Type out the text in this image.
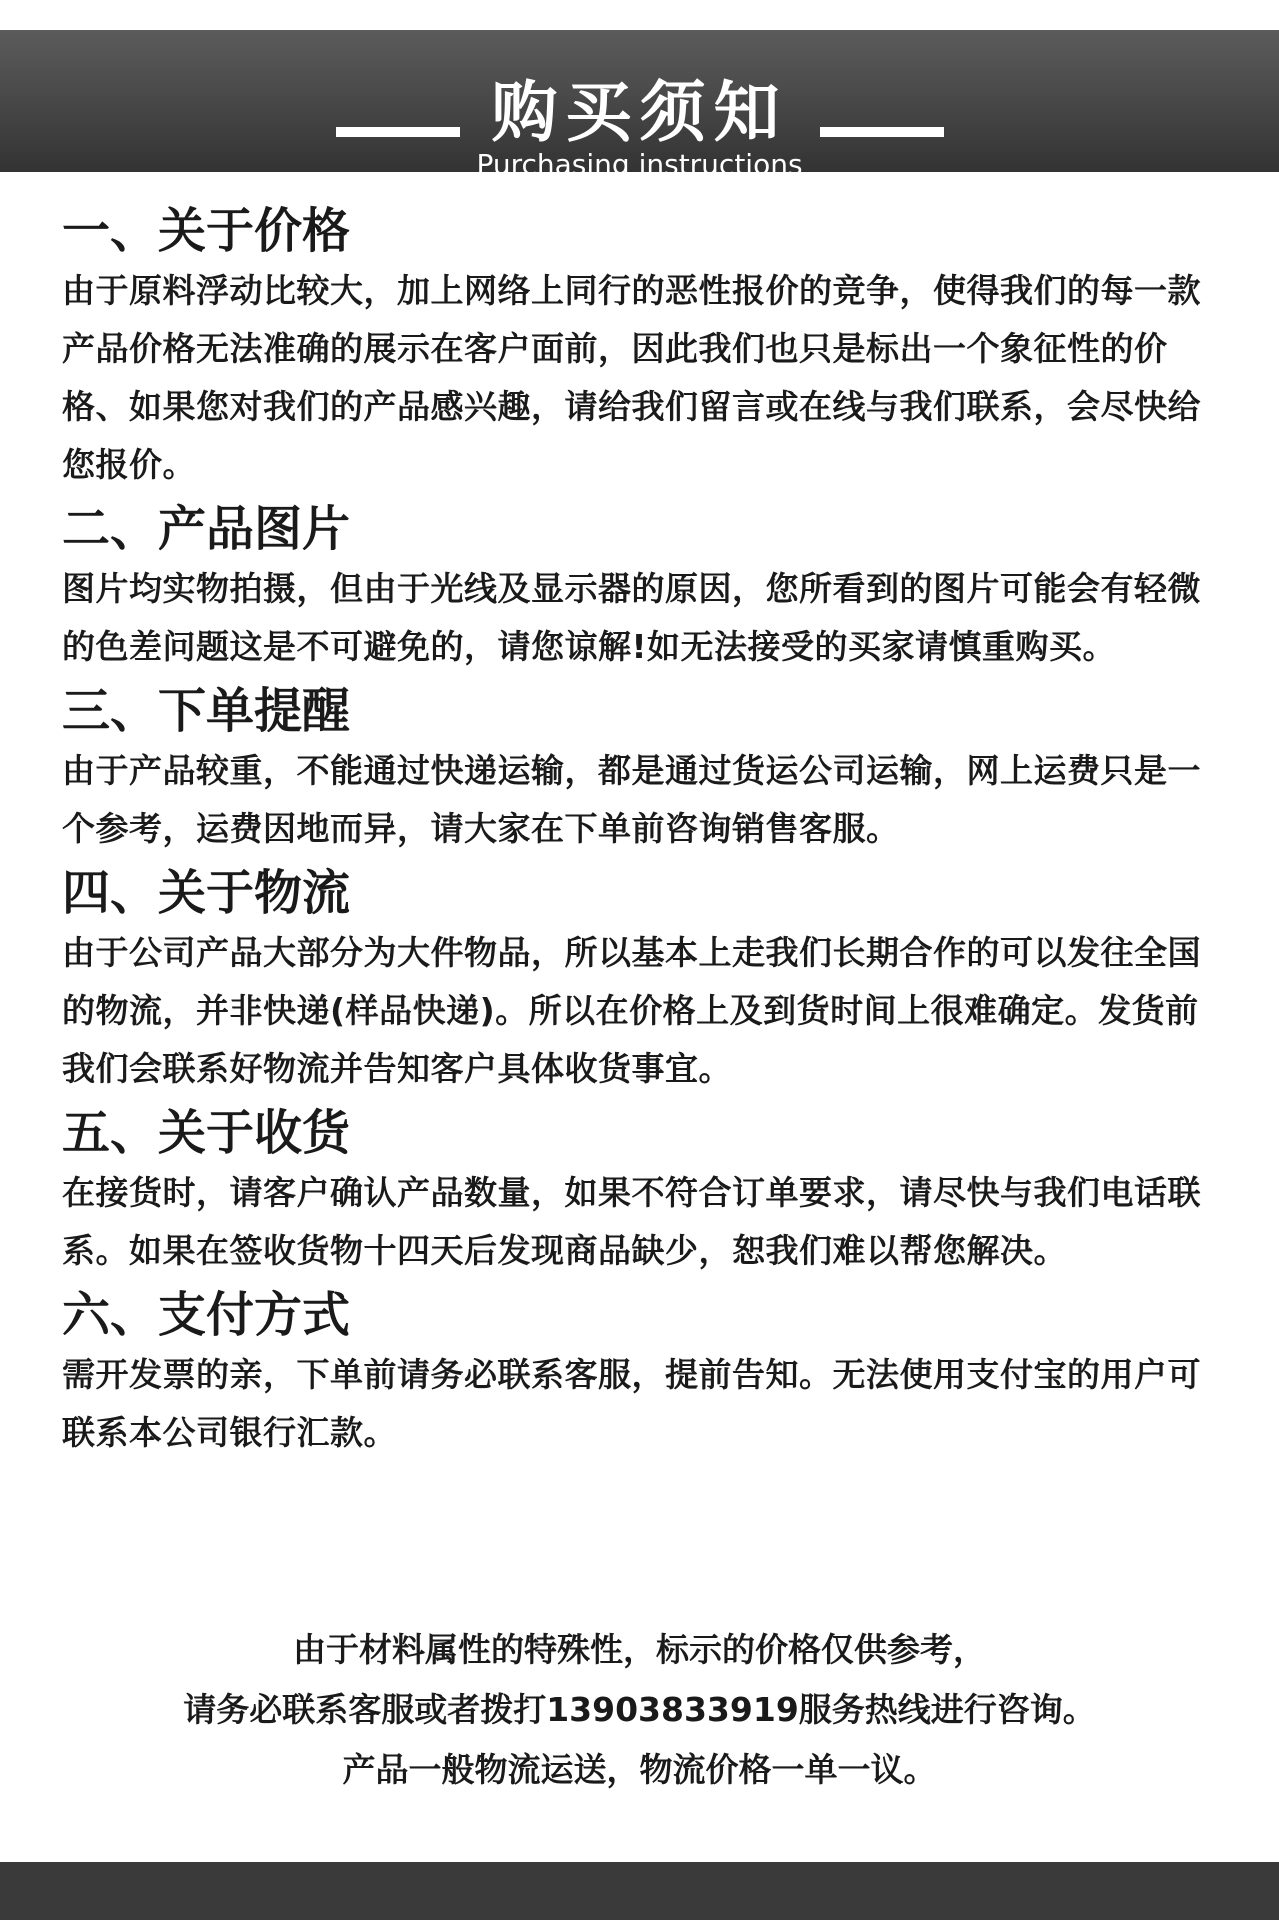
购买须知
Purchasing instructions
一、关于价格

由于原料浮动比较大，加上网络上同行的恶性报价的竞争，使得我们的每一款产品价格无法准确的展示在客户面前，因此我们也只是标出一个象征性的价格、如果您对我们的产品感兴趣，请给我们留言或在线与我们联系，会尽快给您报价。

二、产品图片

图片均实物拍摄，但由于光线及显示器的原因，您所看到的图片可能会有轻微的色差问题这是不可避免的，请您谅解!如无法接受的买家请慎重购买。

三、下单提醒

由于产品较重，不能通过快递运输，都是通过货运公司运输，网上运费只是一个参考，运费因地而异，请大家在下单前咨询销售客服。

四、关于物流

由于公司产品大部分为大件物品，所以基本上走我们长期合作的可以发往全国的物流，并非快递(样品快递)。所以在价格上及到货时间上很难确定。发货前我们会联系好物流并告知客户具体收货事宜。

五、关于收货

在接货时，请客户确认产品数量，如果不符合订单要求，请尽快与我们电话联系。如果在签收货物十四天后发现商品缺少，恕我们难以帮您解决。

六、支付方式

需开发票的亲，下单前请务必联系客服，提前告知。无法使用支付宝的用户可联系本公司银行汇款。

由于材料属性的特殊性，标示的价格仅供参考，
请务必联系客服或者拨打13903833919服务热线进行咨询。
产品一般物流运送，物流价格一单一议。
